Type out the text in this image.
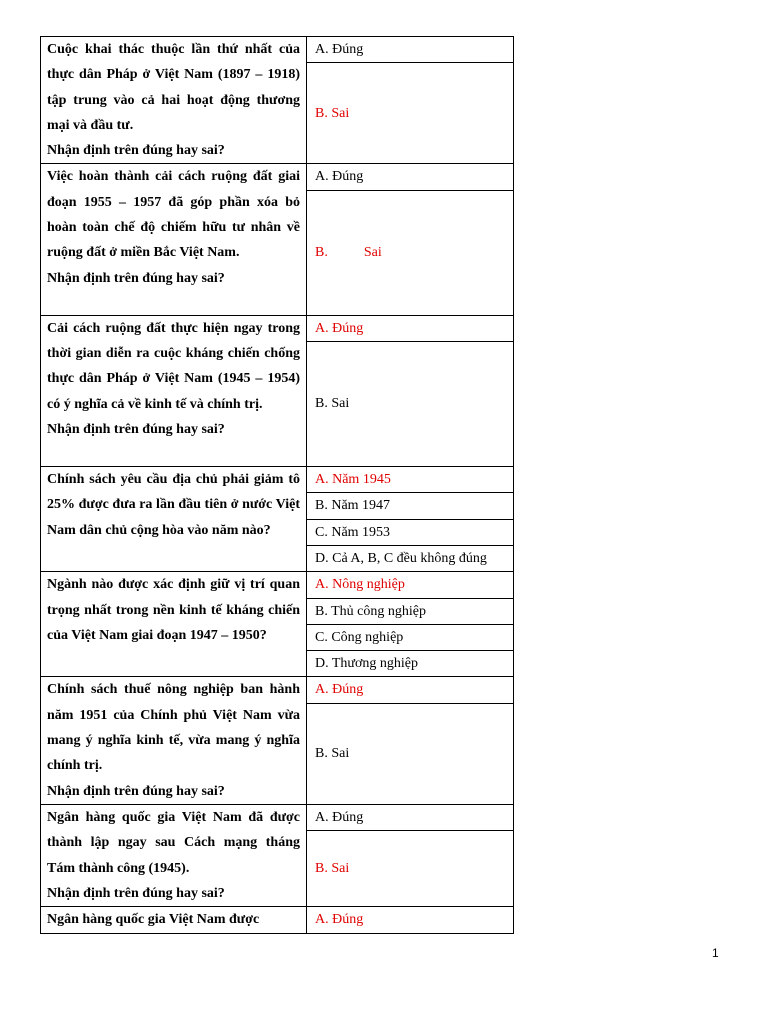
Cuộc khai thác thuộc lần thứ nhất của thực dân Pháp ở Việt Nam (1897 – 1918) tập trung vào cả hai hoạt động thương mại và đầu tư.
Nhận định trên đúng hay sai?	A. Đúng
	B. Sai

Việc hoàn thành cải cách ruộng đất giai đoạn 1955 – 1957 đã góp phần xóa bỏ hoàn toàn chế độ chiếm hữu tư nhân về ruộng đất ở miền Bắc Việt Nam.
Nhận định trên đúng hay sai?	A. Đúng
	B. Sai

Cải cách ruộng đất thực hiện ngay trong thời gian diễn ra cuộc kháng chiến chống thực dân Pháp ở Việt Nam (1945 – 1954) có ý nghĩa cả về kinh tế và chính trị.
Nhận định trên đúng hay sai?	A. Đúng
	B. Sai

Chính sách yêu cầu địa chủ phải giảm tô 25% được đưa ra lần đầu tiên ở nước Việt Nam dân chủ cộng hòa vào năm nào?	A. Năm 1945
	B. Năm 1947
	C. Năm 1953
	D. Cả A, B, C đều không đúng

Ngành nào được xác định giữ vị trí quan trọng nhất trong nền kinh tế kháng chiến của Việt Nam giai đoạn 1947 – 1950?	A. Nông nghiệp
	B. Thủ công nghiệp
	C. Công nghiệp
	D. Thương nghiệp

Chính sách thuế nông nghiệp ban hành năm 1951 của Chính phủ Việt Nam vừa mang ý nghĩa kinh tế, vừa mang ý nghĩa chính trị.
Nhận định trên đúng hay sai?	A. Đúng
	B. Sai

Ngân hàng quốc gia Việt Nam đã được thành lập ngay sau Cách mạng tháng Tám thành công (1945).
Nhận định trên đúng hay sai?	A. Đúng
	B. Sai

Ngân hàng quốc gia Việt Nam được	A. Đúng
1
